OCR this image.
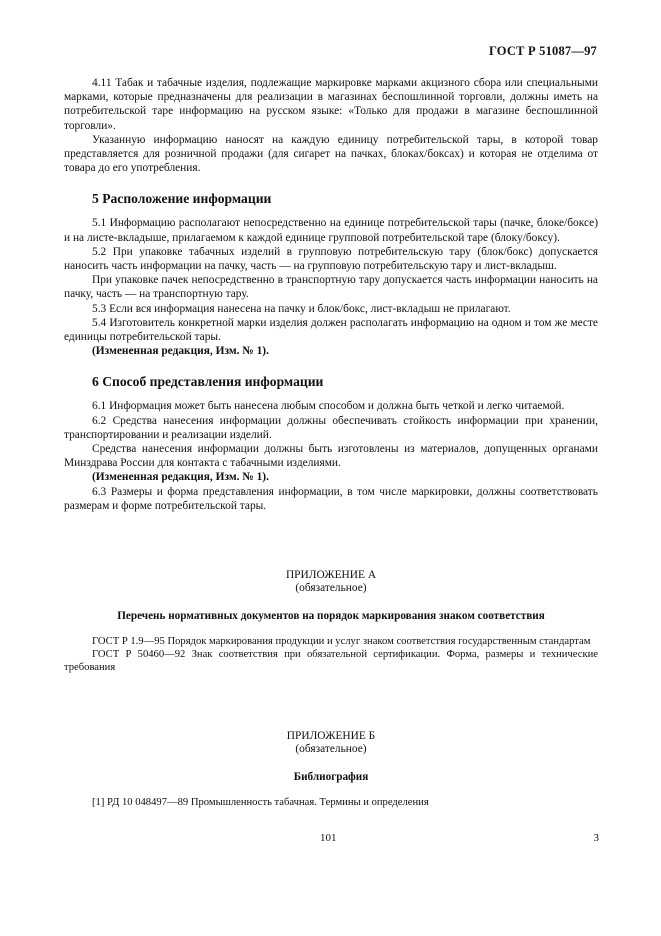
ГОСТ Р 51087—97

4.11 Табак и табачные изделия, подлежащие маркировке марками акцизного сбора или специальными марками, которые предназначены для реализации в магазинах беспошлинной торговли, должны иметь на потребительской таре информацию на русском языке: «Только для продажи в магазине беспошлинной торговли».

Указанную информацию наносят на каждую единицу потребительской тары, в которой товар представляется для розничной продажи (для сигарет на пачках, блоках/боксах) и которая не отделима от товара до его употребления.

5 Расположение информации

5.1 Информацию располагают непосредственно на единице потребительской тары (пачке, блоке/боксе) и на листе-вкладыше, прилагаемом к каждой единице групповой потребительской таре (блоку/боксу).

5.2 При упаковке табачных изделий в групповую потребительскую тару (блок/бокс) допускается наносить часть информации на пачку, часть — на групповую потребительскую тару и лист-вкладыш.

При упаковке пачек непосредственно в транспортную тару допускается часть информации наносить на пачку, часть — на транспортную тару.

5.3 Если вся информация нанесена на пачку и блок/бокс, лист-вкладыш не прилагают.

5.4 Изготовитель конкретной марки изделия должен располагать информацию на одном и том же месте единицы потребительской тары.

(Измененная редакция, Изм. № 1).

6 Способ представления информации

6.1 Информация может быть нанесена любым способом и должна быть четкой и легко читаемой.

6.2 Средства нанесения информации должны обеспечивать стойкость информации при хранении, транспортировании и реализации изделий.

Средства нанесения информации должны быть изготовлены из материалов, допущенных органами Минздрава России для контакта с табачными изделиями.

(Измененная редакция, Изм. № 1).

6.3 Размеры и форма представления информации, в том числе маркировки, должны соответствовать размерам и форме потребительской тары.

ПРИЛОЖЕНИЕ А
(обязательное)
Перечень нормативных документов на порядок маркирования знаком соответствия

ГОСТ Р 1.9—95 Порядок маркирования продукции и услуг знаком соответствия государственным стандартам

ГОСТ Р 50460—92 Знак соответствия при обязательной сертификации. Форма, размеры и технические требования

ПРИЛОЖЕНИЕ Б
(обязательное)
Библиография
[1] РД 10 048497—89 Промышленность табачная. Термины и определения
101	3
